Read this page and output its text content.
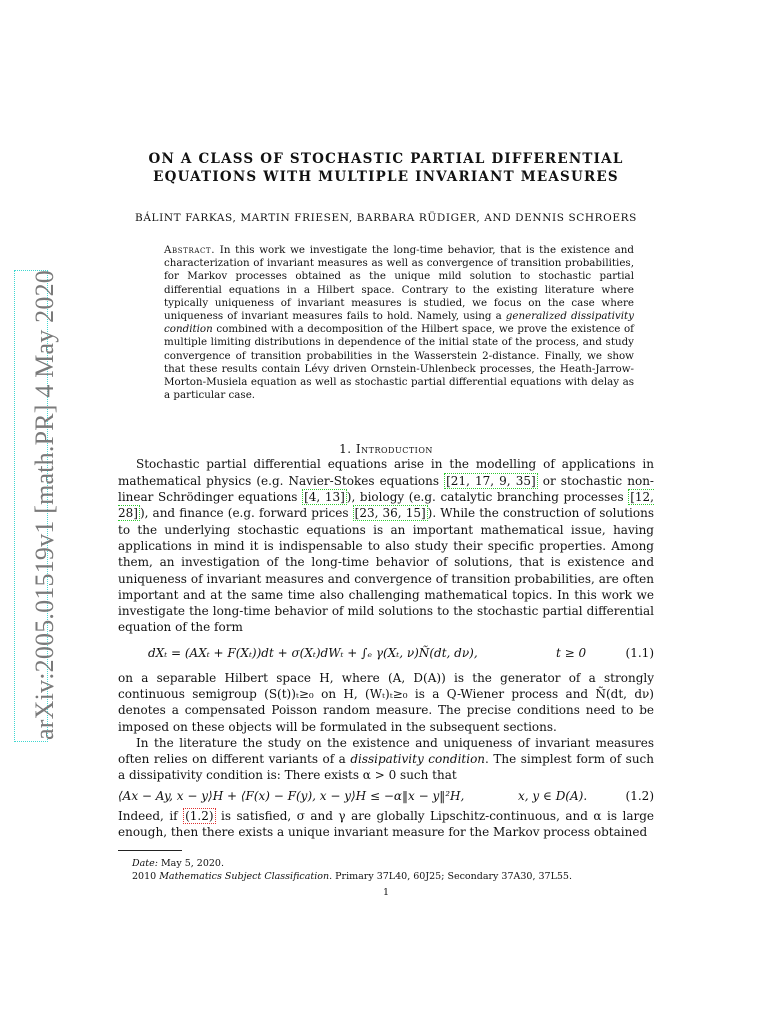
arXiv:2005.01519v1 [math.PR] 4 May 2020
ON A CLASS OF STOCHASTIC PARTIAL DIFFERENTIAL
EQUATIONS WITH MULTIPLE INVARIANT MEASURES
BÁLINT FARKAS, MARTIN FRIESEN, BARBARA RÜDIGER, AND DENNIS SCHROERS
Abstract. In this work we investigate the long-time behavior, that is the existence and characterization of invariant measures as well as convergence of transition probabilities, for Markov processes obtained as the unique mild solution to stochastic partial differential equations in a Hilbert space. Contrary to the existing literature where typically uniqueness of invariant measures is studied, we focus on the case where uniqueness of invariant measures fails to hold. Namely, using a generalized dissipativity condition combined with a decomposition of the Hilbert space, we prove the existence of multiple limiting distributions in dependence of the initial state of the process, and study convergence of transition probabilities in the Wasserstein 2-distance. Finally, we show that these results contain Lévy driven Ornstein-Uhlenbeck processes, the Heath-Jarrow-Morton-Musiela equation as well as stochastic partial differential equations with delay as a particular case.
1. Introduction

Stochastic partial differential equations arise in the modelling of applications in mathematical physics (e.g. Navier-Stokes equations [21, 17, 9, 35] or stochastic non-linear Schrödinger equations [4, 13] ), biology (e.g. catalytic branching processes [12, 28] ), and finance (e.g. forward prices [23, 36, 15] ). While the construction of solutions to the underlying stochastic equations is an important mathematical issue, having applications in mind it is indispensable to also study their specific properties. Among them, an investigation of the long-time behavior of solutions, that is existence and uniqueness of invariant measures and convergence of transition probabilities, are often important and at the same time also challenging mathematical topics. In this work we investigate the long-time behavior of mild solutions to the stochastic partial differential equation of the form

dXₜ = (AXₜ + F(Xₜ))dt + σ(Xₜ)dWₜ + ∫ₑ γ(Xₜ, ν)Ñ(dt, dν),	t ≥ 0	(1.1)

on a separable Hilbert space H, where (A, D(A)) is the generator of a strongly continuous semigroup (S(t))ₜ≥₀ on H, (Wₜ)ₜ≥₀ is a Q-Wiener process and Ñ(dt, dν) denotes a compensated Poisson random measure. The precise conditions need to be imposed on these objects will be formulated in the subsequent sections.

In the literature the study on the existence and uniqueness of invariant measures often relies on different variants of a dissipativity condition. The simplest form of such a dissipativity condition is: There exists α > 0 such that

⟨Ax − Ay, x − y⟩H + ⟨F(x) − F(y), x − y⟩H ≤ −α‖x − y‖²H,	x, y ∈ D(A).	(1.2)

Indeed, if (1.2) is satisfied, σ and γ are globally Lipschitz-continuous, and α is large enough, then there exists a unique invariant measure for the Markov process obtained

Date: May 5, 2020.
2010 Mathematics Subject Classification. Primary 37L40, 60J25; Secondary 37A30, 37L55.
1
